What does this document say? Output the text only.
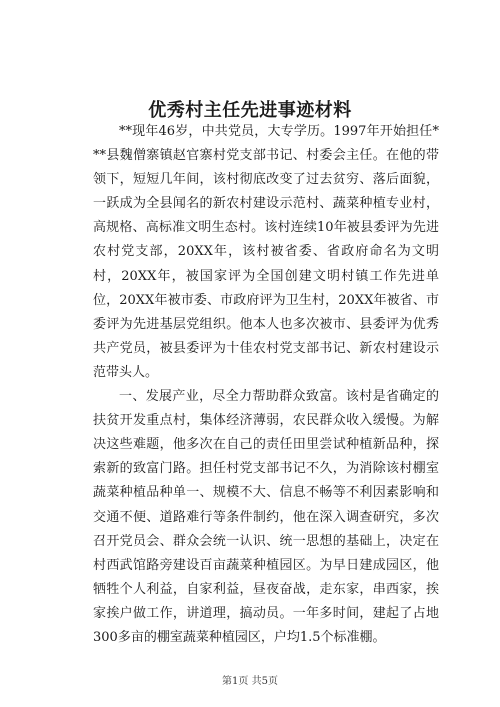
优秀村主任先进事迹材料

**现年46岁，中共党员，大专学历。1997年开始担任***县魏僧寨镇赵官寨村党支部书记、村委会主任。在他的带领下，短短几年间，该村彻底改变了过去贫穷、落后面貌，一跃成为全县闻名的新农村建设示范村、蔬菜种植专业村，高规格、高标准文明生态村。该村连续10年被县委评为先进农村党支部，20XX年，该村被省委、省政府命名为文明村，20XX年，被国家评为全国创建文明村镇工作先进单位，20XX年被市委、市政府评为卫生村，20XX年被省、市委评为先进基层党组织。他本人也多次被市、县委评为优秀共产党员，被县委评为十佳农村党支部书记、新农村建设示范带头人。

一、发展产业，尽全力帮助群众致富。该村是省确定的扶贫开发重点村，集体经济薄弱，农民群众收入缓慢。为解决这些难题，他多次在自己的责任田里尝试种植新品种，探索新的致富门路。担任村党支部书记不久，为消除该村棚室蔬菜种植品种单一、规模不大、信息不畅等不利因素影响和交通不便、道路难行等条件制约，他在深入调查研究，多次召开党员会、群众会统一认识、统一思想的基础上，决定在村西武馆路旁建设百亩蔬菜种植园区。为早日建成园区，他牺牲个人利益，自家利益，昼夜奋战，走东家，串西家，挨家挨户做工作，讲道理，搞动员。一年多时间，建起了占地300多亩的棚室蔬菜种植园区，户均1.5个标准棚。

第1页 共5页
